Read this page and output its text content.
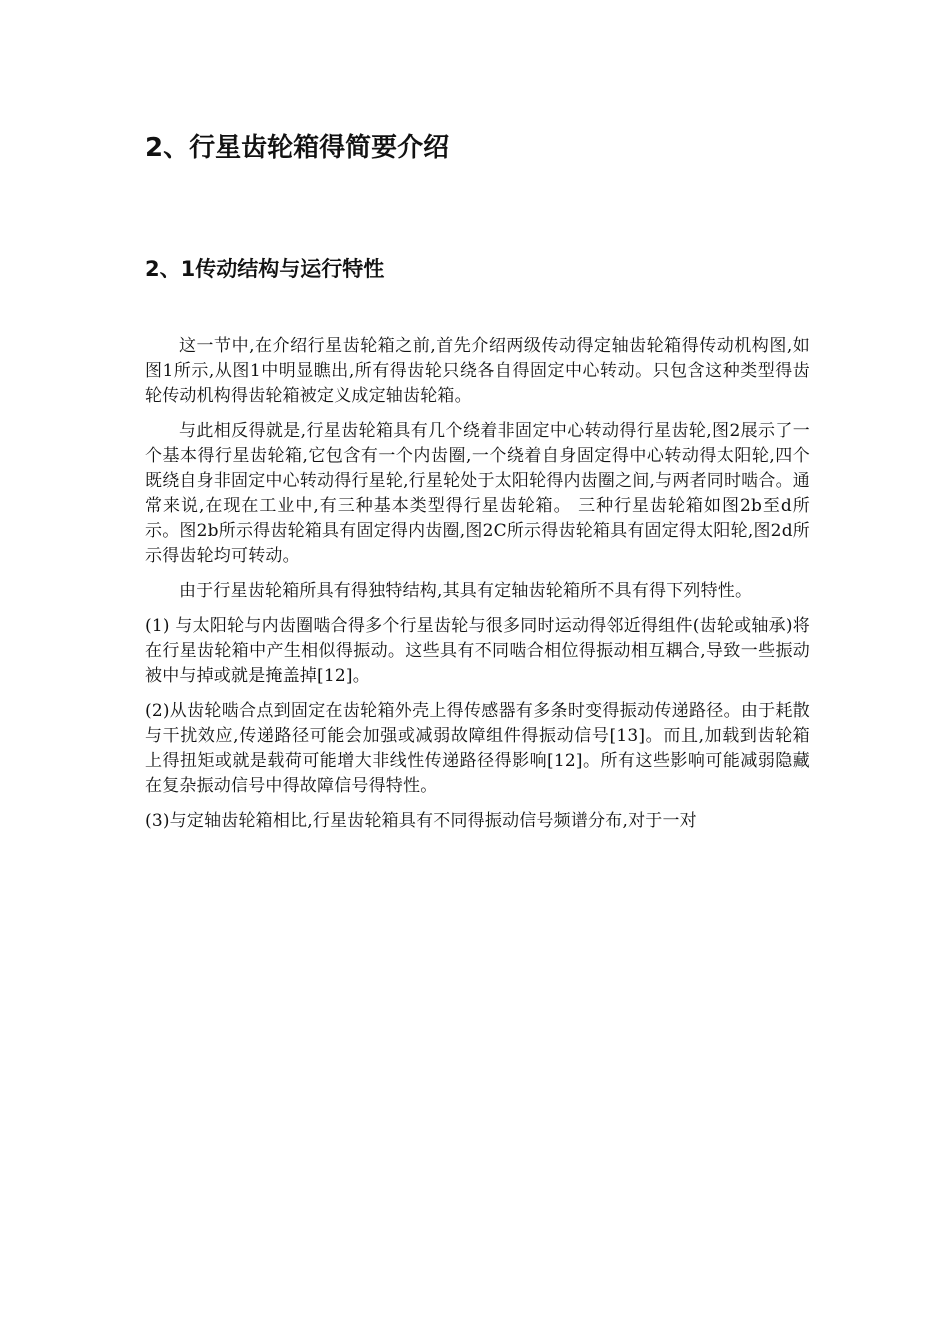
2、行星齿轮箱得简要介绍
2、1传动结构与运行特性

这一节中,在介绍行星齿轮箱之前,首先介绍两级传动得定轴齿轮箱得传动机构图,如图1所示,从图1中明显瞧出,所有得齿轮只绕各自得固定中心转动。只包含这种类型得齿轮传动机构得齿轮箱被定义成定轴齿轮箱。

与此相反得就是,行星齿轮箱具有几个绕着非固定中心转动得行星齿轮,图2展示了一个基本得行星齿轮箱,它包含有一个内齿圈,一个绕着自身固定得中心转动得太阳轮,四个既绕自身非固定中心转动得行星轮,行星轮处于太阳轮得内齿圈之间,与两者同时啮合。通常来说,在现在工业中,有三种基本类型得行星齿轮箱。 三种行星齿轮箱如图2b至d所示。图2b所示得齿轮箱具有固定得内齿圈,图2C所示得齿轮箱具有固定得太阳轮,图2d所示得齿轮均可转动。

由于行星齿轮箱所具有得独特结构,其具有定轴齿轮箱所不具有得下列特性。

(1) 与太阳轮与内齿圈啮合得多个行星齿轮与很多同时运动得邻近得组件(齿轮或轴承)将在行星齿轮箱中产生相似得振动。这些具有不同啮合相位得振动相互耦合,导致一些振动被中与掉或就是掩盖掉[12]。

(2)从齿轮啮合点到固定在齿轮箱外壳上得传感器有多条时变得振动传递路径。由于耗散与干扰效应,传递路径可能会加强或减弱故障组件得振动信号[13]。而且,加载到齿轮箱上得扭矩或就是载荷可能增大非线性传递路径得影响[12]。所有这些影响可能减弱隐藏在复杂振动信号中得故障信号得特性。

(3)与定轴齿轮箱相比,行星齿轮箱具有不同得振动信号频谱分布,对于一对
